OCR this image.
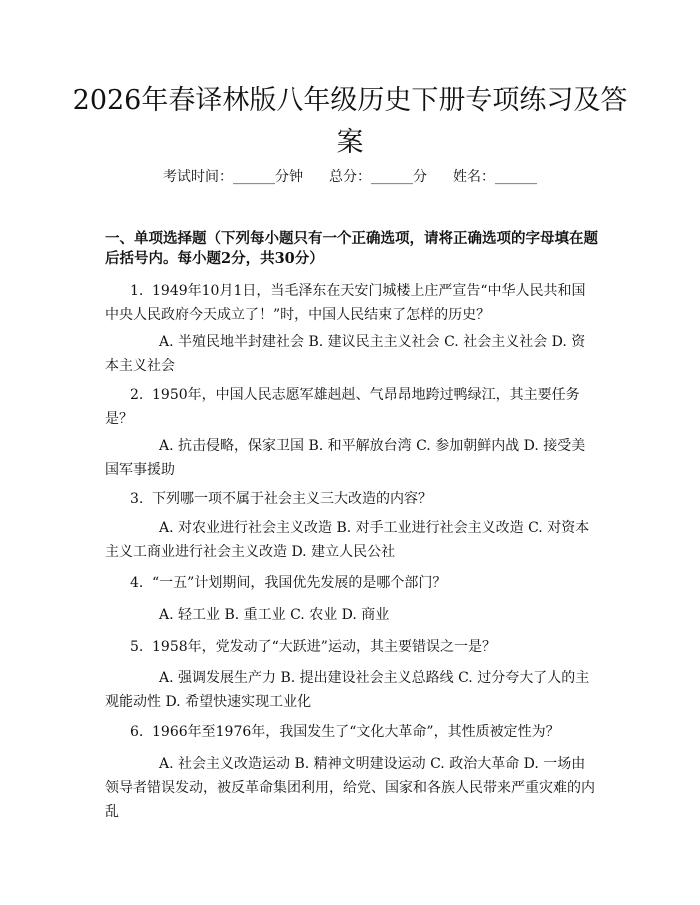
2026年春译林版八年级历史下册专项练习及答案
考试时间：______分钟 总分：______分 姓名：______
一、单项选择题（下列每小题只有一个正确选项，请将正确选项的字母填在题后括号内。每小题2分，共30分）
1. 1949年10月1日，当毛泽东在天安门城楼上庄严宣告“中华人民共和国中央人民政府今天成立了！”时，中国人民结束了怎样的历史？
A. 半殖民地半封建社会 B. 建议民主主义社会 C. 社会主义社会 D. 资本主义社会
2. 1950年，中国人民志愿军雄赳赳、气昂昂地跨过鸭绿江，其主要任务是？
A. 抗击侵略，保家卫国 B. 和平解放台湾 C. 参加朝鲜内战 D. 接受美国军事援助
3. 下列哪一项不属于社会主义三大改造的内容？
A. 对农业进行社会主义改造 B. 对手工业进行社会主义改造 C. 对资本主义工商业进行社会主义改造 D. 建立人民公社
4. “一五”计划期间，我国优先发展的是哪个部门？
A. 轻工业 B. 重工业 C. 农业 D. 商业
5. 1958年，党发动了“大跃进”运动，其主要错误之一是？
A. 强调发展生产力 B. 提出建设社会主义总路线 C. 过分夸大了人的主观能动性 D. 希望快速实现工业化
6. 1966年至1976年，我国发生了“文化大革命”，其性质被定性为？
A. 社会主义改造运动 B. 精神文明建设运动 C. 政治大革命 D. 一场由领导者错误发动，被反革命集团利用，给党、国家和各族人民带来严重灾难的内乱
